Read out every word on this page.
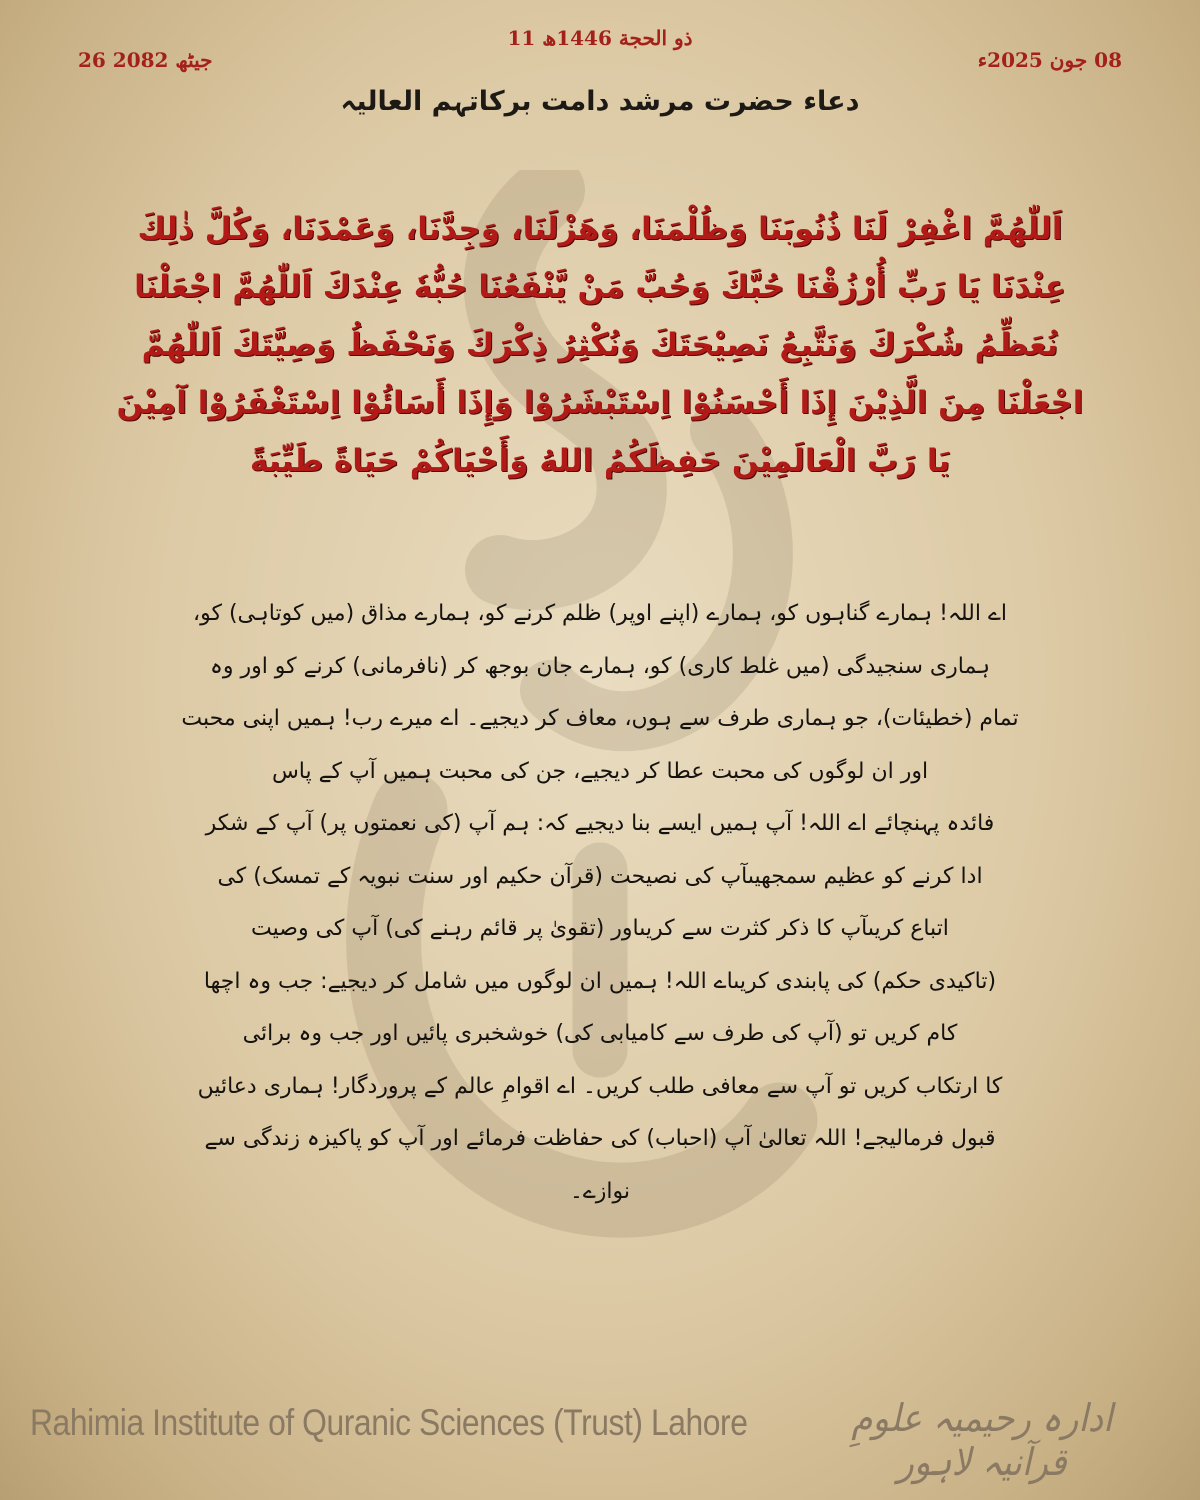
11 ذو الحجة 1446ھ
26 جیٹھ 2082	08 جون 2025ء
دعاء حضرت مرشد دامت برکاتہم العالیہ
اَللّٰهُمَّ اغْفِرْ لَنَا ذُنُوبَنَا وَظُلْمَنَا، وَهَزْلَنَا، وَجِدَّنَا، وَعَمْدَنَا، وَكُلَّ ذٰلِكَ عِنْدَنَا يَا رَبِّ أُرْزُقْنَا حُبَّكَ وَحُبَّ مَنْ يَّنْفَعُنَا حُبُّهٗ عِنْدَكَ اَللّٰهُمَّ اجْعَلْنَا نُعَظِّمُ شُكْرَكَ وَنَتَّبِعُ نَصِيْحَتَكَ وَنُكْثِرُ ذِكْرَكَ وَنَحْفَظُ وَصِيَّتَكَ اَللّٰهُمَّ اجْعَلْنَا مِنَ الَّذِيْنَ إِذَا أَحْسَنُوْا اِسْتَبْشَرُوْا وَإِذَا أَسَائُوْا اِسْتَغْفَرُوْا آمِيْنَ يَا رَبَّ الْعَالَمِيْنَ حَفِظَكُمُ اللهُ وَأَحْيَاكُمْ حَيَاةً طَيِّبَةً
اے اللہ! ہمارے گناہوں کو، ہمارے (اپنے اوپر) ظلم کرنے کو، ہمارے مذاق (میں کوتاہی) کو،
ہماری سنجیدگی (میں غلط کاری) کو، ہمارے جان بوجھ کر (نافرمانی) کرنے کو اور وہ
تمام (خطیئات)، جو ہماری طرف سے ہوں، معاف کر دیجیے۔ اے میرے رب! ہمیں اپنی محبت
اور ان لوگوں کی محبت عطا کر دیجیے، جن کی محبت ہمیں آپ کے پاس
فائدہ پہنچائے اے اللہ! آپ ہمیں ایسے بنا دیجیے کہ: ہم آپ (کی نعمتوں پر) آپ کے شکر
ادا کرنے کو عظیم سمجھیںآپ کی نصیحت (قرآن حکیم اور سنت نبویہ کے تمسک) کی
اتباع کریںآپ کا ذکر کثرت سے کریںاور (تقویٰ پر قائم رہنے کی) آپ کی وصیت
(تاکیدی حکم) کی پابندی کریںاے اللہ! ہمیں ان لوگوں میں شامل کر دیجیے: جب وہ اچھا
کام کریں تو (آپ کی طرف سے کامیابی کی) خوشخبری پائیں اور جب وہ برائی
کا ارتکاب کریں تو آپ سے معافی طلب کریں۔ اے اقوامِ عالم کے پروردگار! ہماری دعائیں
قبول فرمالیجے! اللہ تعالیٰ آپ (احباب) کی حفاظت فرمائے اور آپ کو پاکیزہ زندگی سے
نوازے۔
Rahimia Institute of Quranic Sciences (Trust) Lahore	ادارہ رحیمیہ علومِ قرآنیہ لاہور
